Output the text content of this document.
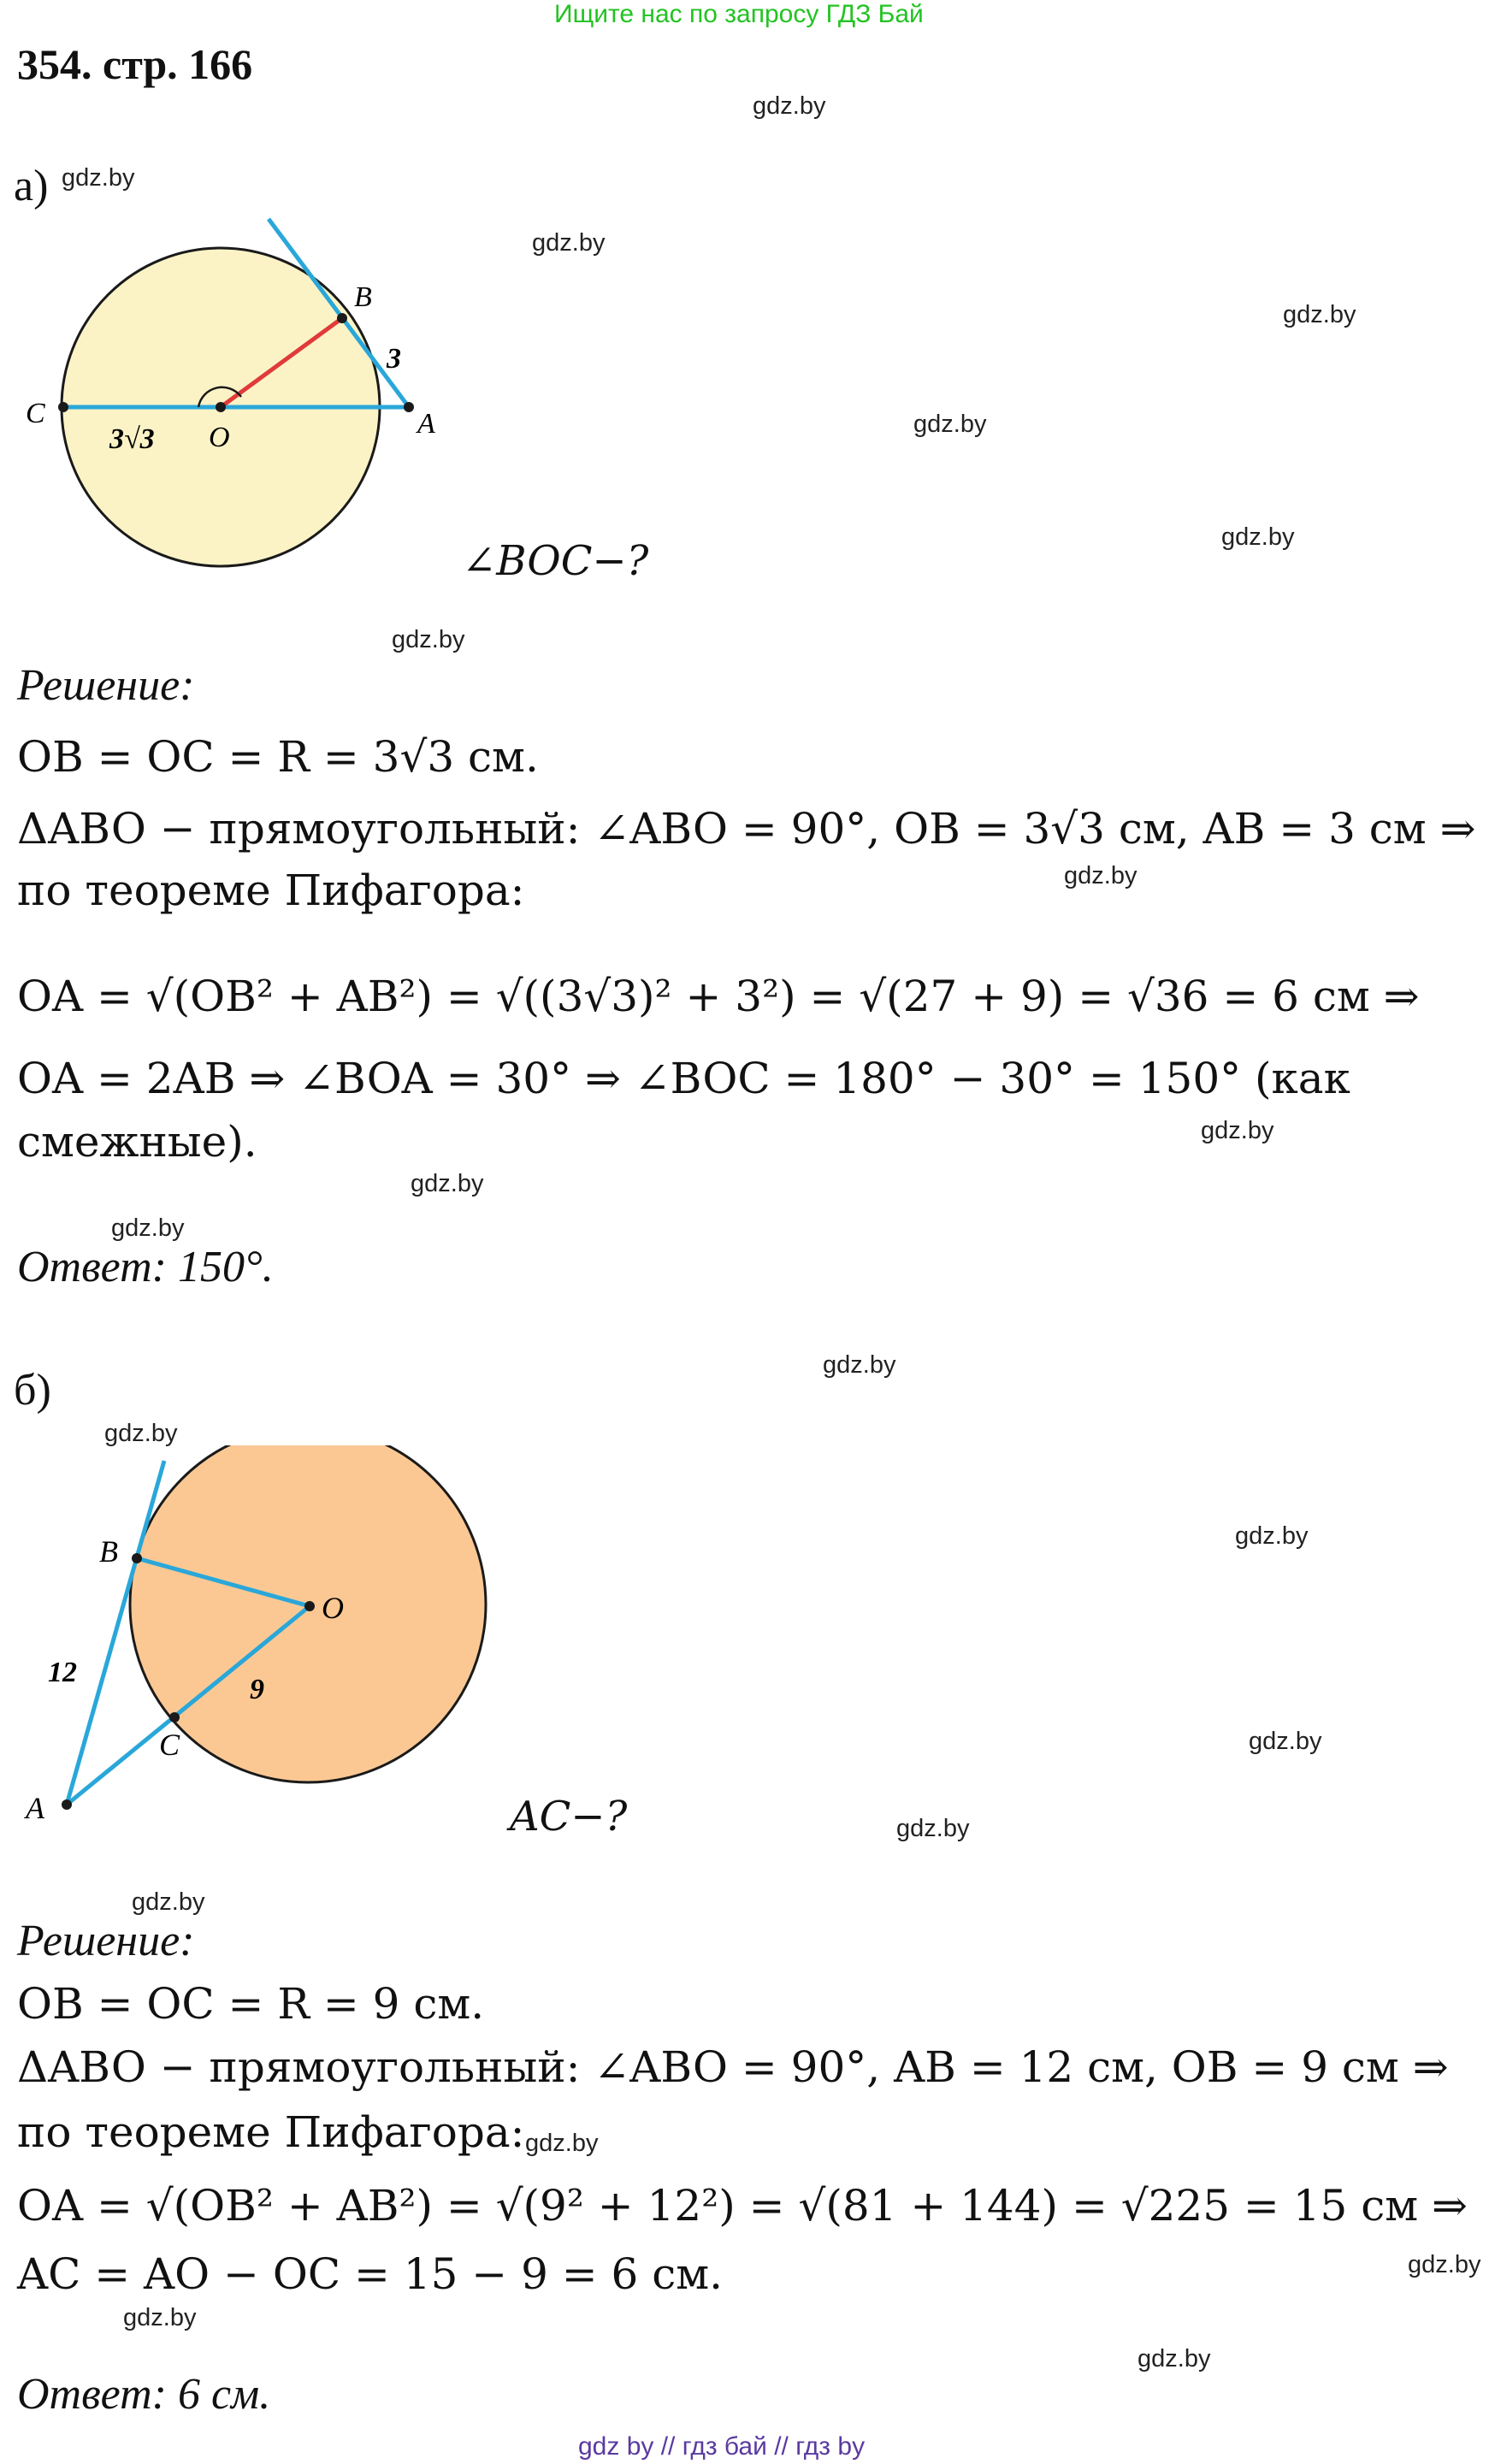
Ищите нас по запросу ГДЗ Бай
354. стр. 166
gdz.by
gdz.by
gdz.by
gdz.by
gdz.by
gdz.by
gdz.by
gdz.by
gdz.by
gdz.by
gdz.by
gdz.by
gdz.by
gdz.by
gdz.by
gdz.by
gdz.by
gdz.by
gdz.by
gdz.by
gdz.by
а)
C
O	A
B
3
3√3
∠BOC−?
Решение:
OB = OC = R = 3√3 см.
ΔABO − прямоугольный: ∠ABO = 90°, OB = 3√3 см, AB = 3 см ⇒
по теореме Пифагора:
OA = √(OB² + AB²) = √((3√3)² + 3²) = √(27 + 9) = √36 = 6 см ⇒
OA = 2AB ⇒ ∠BOA = 30° ⇒ ∠BOC = 180° − 30° = 150° (как
смежные).
Ответ: 150°.
б)
B
O
C
A
12
9
AC−?
Решение:
OB = OC = R = 9 см.
ΔABO − прямоугольный: ∠ABO = 90°, AB = 12 см, OB = 9 см ⇒
по теореме Пифагора:
OA = √(OB² + AB²) = √(9² + 12²) = √(81 + 144) = √225 = 15 см ⇒
AC = AO − OC = 15 − 9 = 6 см.
Ответ: 6 см.
gdz by // гдз бай // гдз by
